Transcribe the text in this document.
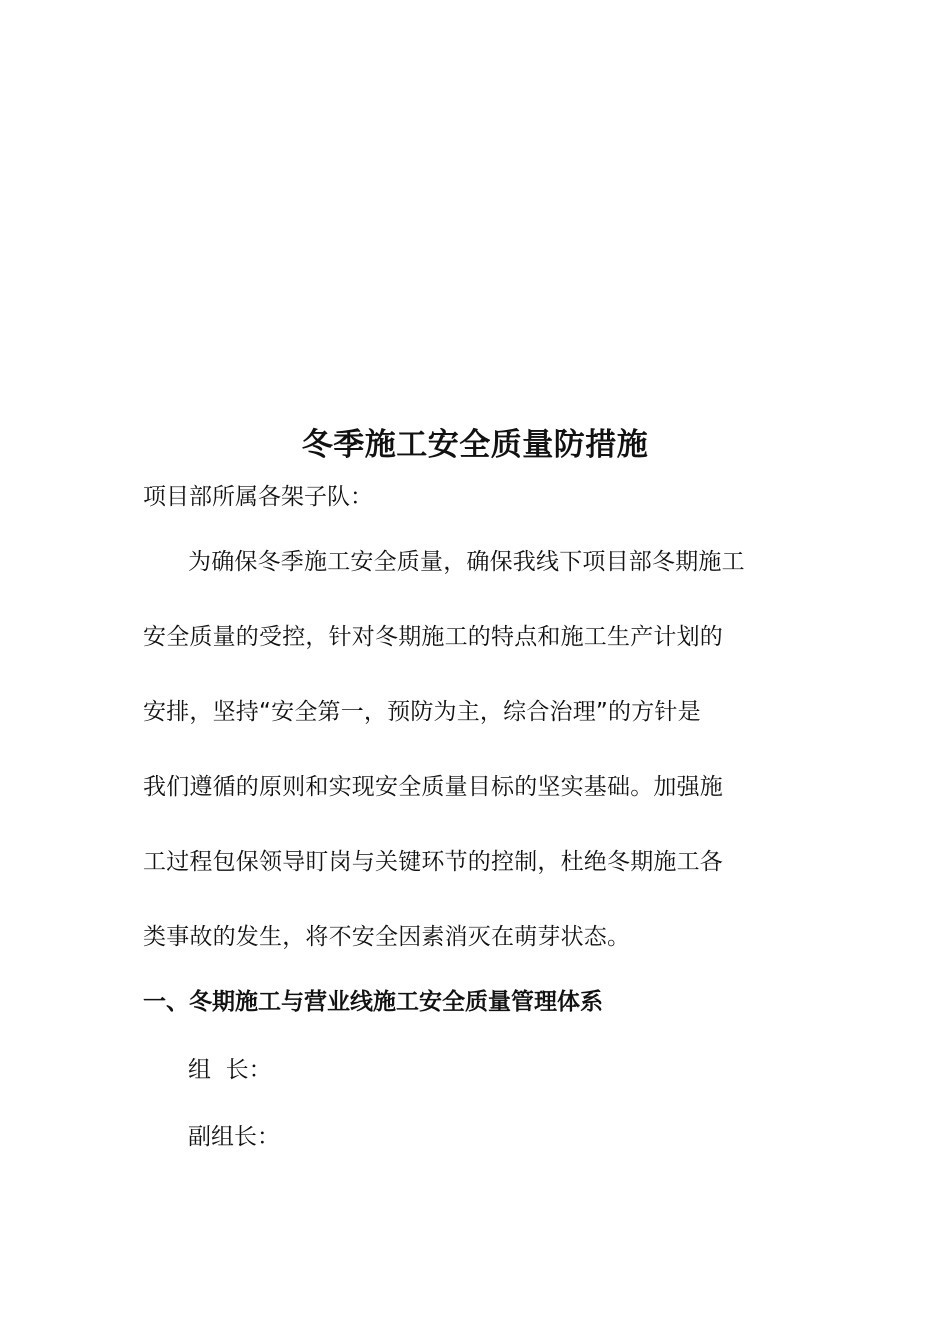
冬季施工安全质量防措施
项目部所属各架子队：
为确保冬季施工安全质量，确保我线下项目部冬期施工
安全质量的受控，针对冬期施工的特点和施工生产计划的
安排，坚持“安全第一，预防为主，综合治理”的方针是
我们遵循的原则和实现安全质量目标的坚实基础。加强施
工过程包保领导盯岗与关键环节的控制，杜绝冬期施工各
类事故的发生，将不安全因素消灭在萌芽状态。
一、冬期施工与营业线施工安全质量管理体系
组  长：
副组长：
